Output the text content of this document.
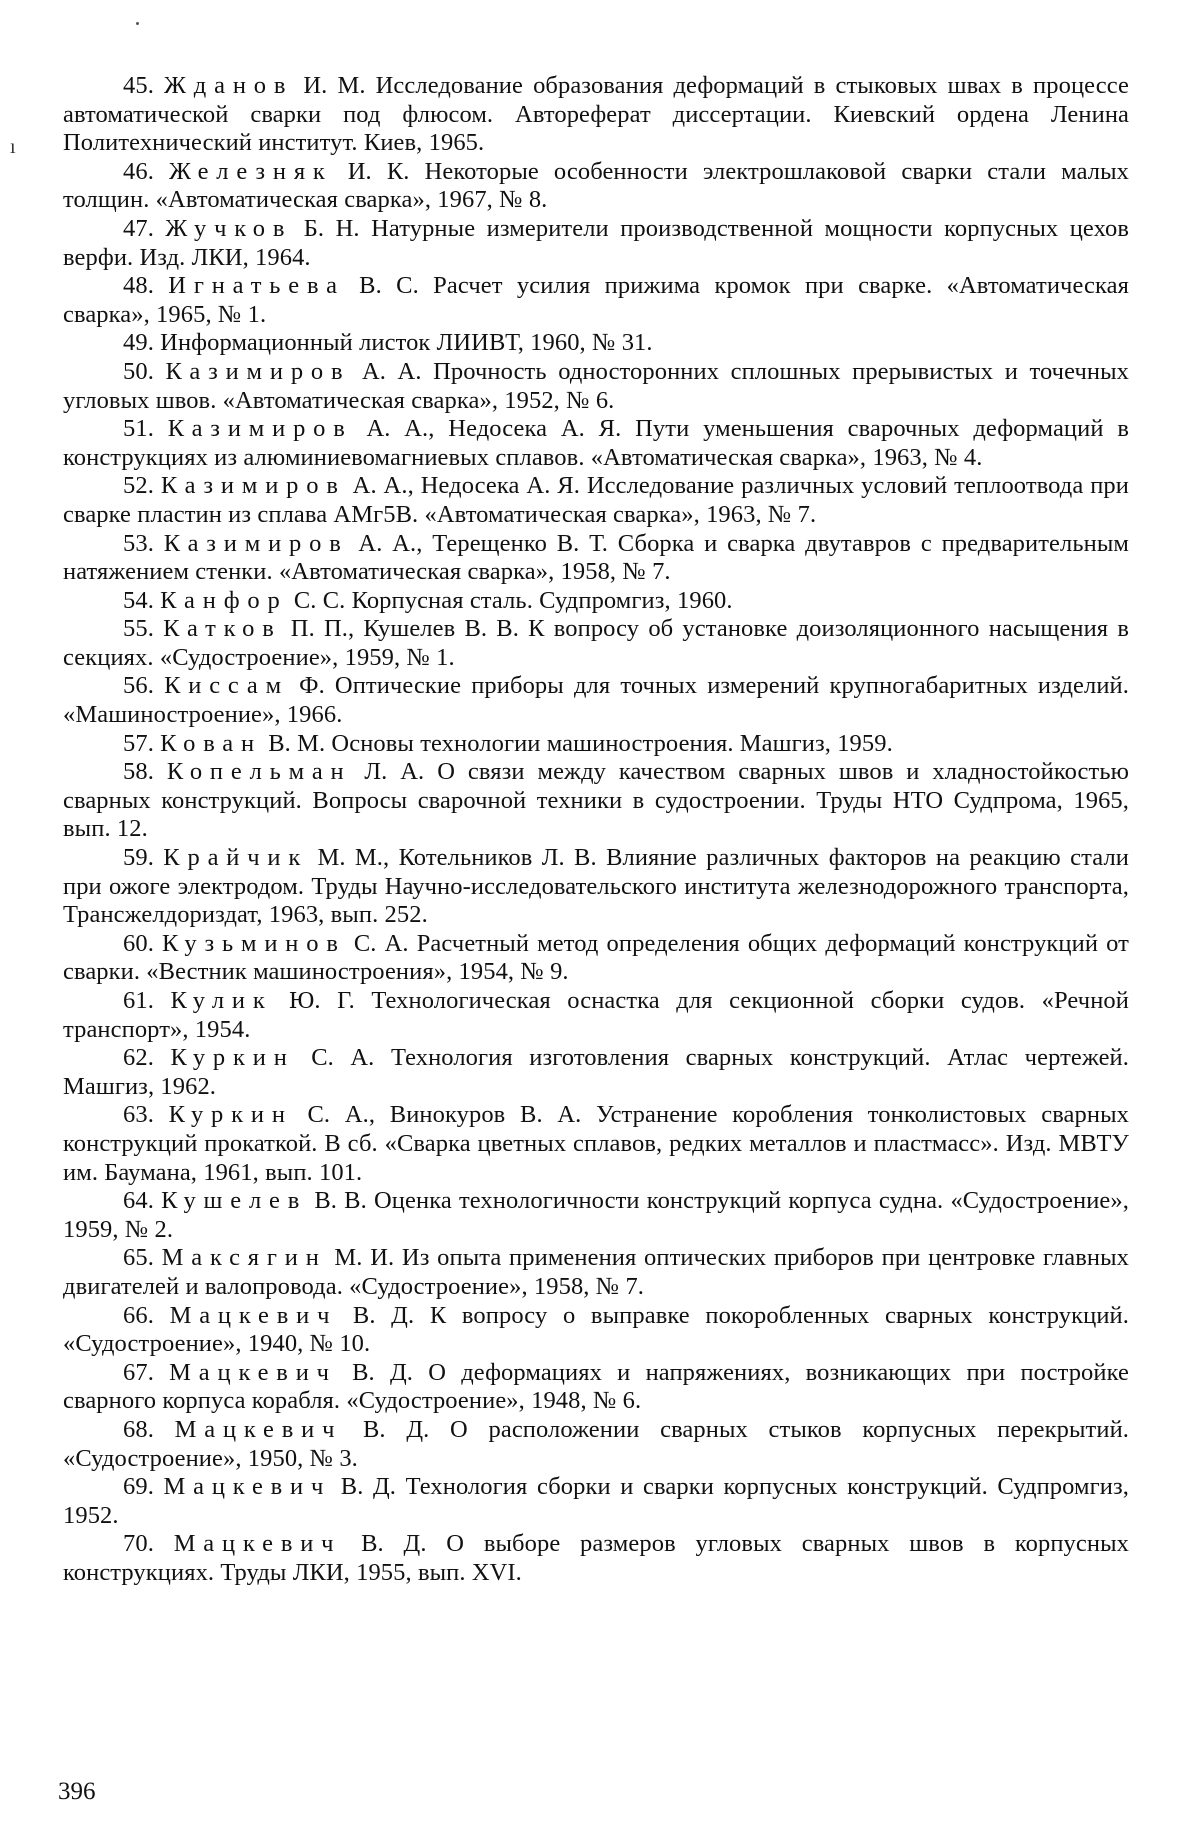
ı
45. Жданов И. М. Исследование образования деформаций в стыковых швах в процессе автоматической сварки под флюсом. Автореферат диссертации. Киевский ордена Ленина Политехнический институт. Киев, 1965.
46. Железняк И. К. Некоторые особенности электрошлаковой сварки стали малых толщин. «Автоматическая сварка», 1967, № 8.
47. Жучков Б. Н. Натурные измерители производственной мощности корпусных цехов верфи. Изд. ЛКИ, 1964.
48. Игнатьева В. С. Расчет усилия прижима кромок при сварке. «Автоматическая сварка», 1965, № 1.
49. Информационный листок ЛИИВТ, 1960, № 31.
50. Казимиров А. А. Прочность односторонних сплошных прерывистых и точечных угловых швов. «Автоматическая сварка», 1952, № 6.
51. Казимиров А. А., Недосека А. Я. Пути уменьшения сварочных деформаций в конструкциях из алюминиевомагниевых сплавов. «Автоматическая сварка», 1963, № 4.
52. Казимиров А. А., Недосека А. Я. Исследование различных условий теплоотвода при сварке пластин из сплава АМг5В. «Автоматическая сварка», 1963, № 7.
53. Казимиров А. А., Терещенко В. Т. Сборка и сварка двутавров с предварительным натяжением стенки. «Автоматическая сварка», 1958, № 7.
54. Канфор С. С. Корпусная сталь. Судпромгиз, 1960.
55. Катков П. П., Кушелев В. В. К вопросу об установке доизоляционного насыщения в секциях. «Судостроение», 1959, № 1.
56. Киссам Ф. Оптические приборы для точных измерений крупногабаритных изделий. «Машиностроение», 1966.
57. Кован В. М. Основы технологии машиностроения. Машгиз, 1959.
58. Копельман Л. А. О связи между качеством сварных швов и хладностойкостью сварных конструкций. Вопросы сварочной техники в судостроении. Труды НТО Судпрома, 1965, вып. 12.
59. Крайчик М. М., Котельников Л. В. Влияние различных факторов на реакцию стали при ожоге электродом. Труды Научно-исследовательского института железнодорожного транспорта, Трансжелдориздат, 1963, вып. 252.
60. Кузьминов С. А. Расчетный метод определения общих деформаций конструкций от сварки. «Вестник машиностроения», 1954, № 9.
61. Кулик Ю. Г. Технологическая оснастка для секционной сборки судов. «Речной транспорт», 1954.
62. Куркин С. А. Технология изготовления сварных конструкций. Атлас чертежей. Машгиз, 1962.
63. Куркин С. А., Винокуров В. А. Устранение коробления тонколистовых сварных конструкций прокаткой. В сб. «Сварка цветных сплавов, редких металлов и пластмасс». Изд. МВТУ им. Баумана, 1961, вып. 101.
64. Кушелев В. В. Оценка технологичности конструкций корпуса судна. «Судостроение», 1959, № 2.
65. Максягин М. И. Из опыта применения оптических приборов при центровке главных двигателей и валопровода. «Судостроение», 1958, № 7.
66. Мацкевич В. Д. К вопросу о выправке покоробленных сварных конструкций. «Судостроение», 1940, № 10.
67. Мацкевич В. Д. О деформациях и напряжениях, возникающих при постройке сварного корпуса корабля. «Судостроение», 1948, № 6.
68. Мацкевич В. Д. О расположении сварных стыков корпусных перекрытий. «Судостроение», 1950, № 3.
69. Мацкевич В. Д. Технология сборки и сварки корпусных конструкций. Судпромгиз, 1952.
70. Мацкевич В. Д. О выборе размеров угловых сварных швов в корпусных конструкциях. Труды ЛКИ, 1955, вып. XVI.
396
